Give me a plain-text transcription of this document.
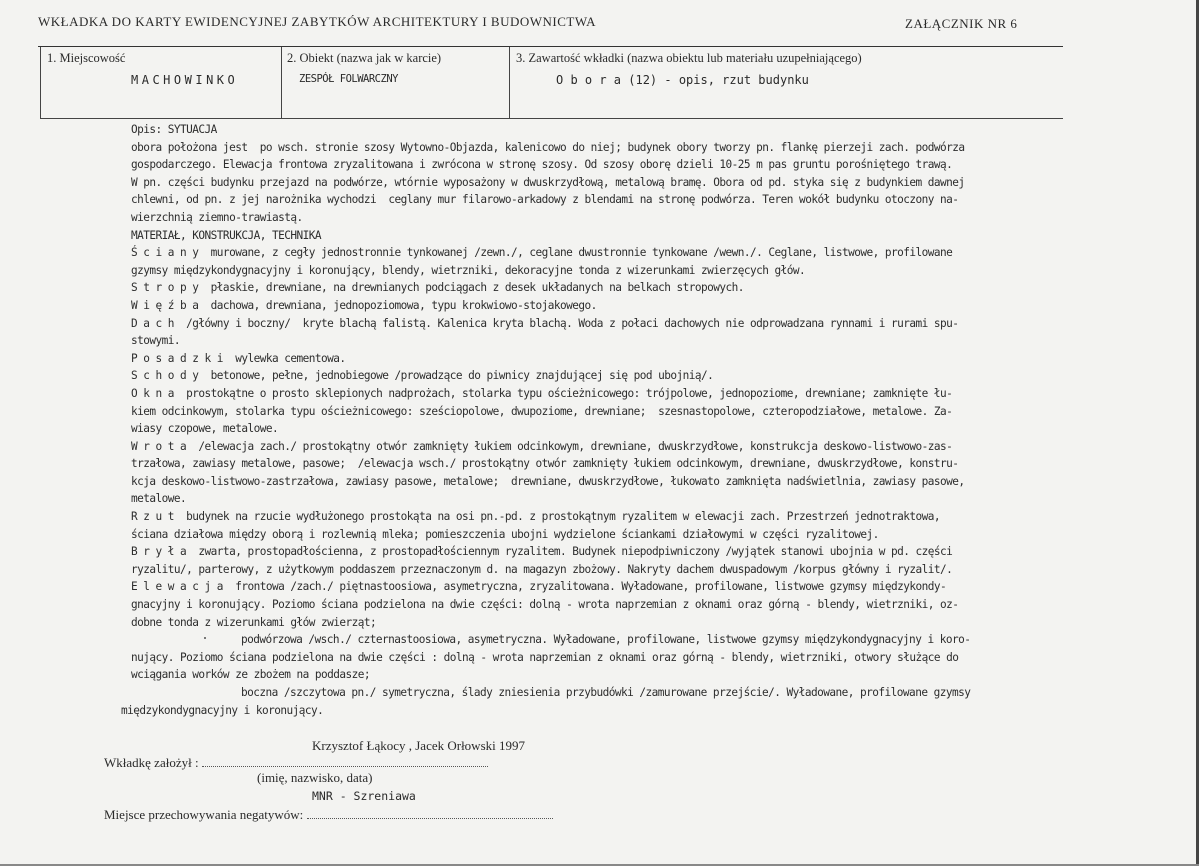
WKŁADKA DO KARTY EWIDENCYJNEJ ZABYTKÓW ARCHITEKTURY I BUDOWNICTWA	ZAŁĄCZNIK NR 6
1. Miejscowość
MACHOWINKO
2. Obiekt (nazwa jak w karcie)
ZESPÓŁ FOLWARCZNY
3. Zawartość wkładki (nazwa obiektu lub materiału uzupełniającego)
O b o r a (12) - opis, rzut budynku
Opis: SYTUACJA
obora położona jest  po wsch. stronie szosy Wytowno-Objazda, kalenicowo do niej; budynek obory tworzy pn. flankę pierzeji zach. podwórza
gospodarczego. Elewacja frontowa zryzalitowana i zwrócona w stronę szosy. Od szosy oborę dzieli 10-25 m pas gruntu porośniętego trawą.
W pn. części budynku przejazd na podwórze, wtórnie wyposażony w dwuskrzydłową, metalową bramę. Obora od pd. styka się z budynkiem dawnej
chlewni, od pn. z jej narożnika wychodzi  ceglany mur filarowo-arkadowy z blendami na stronę podwórza. Teren wokół budynku otoczony na-
wierzchnią ziemno-trawiastą.
MATERIAŁ, KONSTRUKCJA, TECHNIKA
Ś c i a n y  murowane, z cegły jednostronnie tynkowanej /zewn./, ceglane dwustronnie tynkowane /wewn./. Ceglane, listwowe, profilowane
gzymsy międzykondygnacyjny i koronujący, blendy, wietrzniki, dekoracyjne tonda z wizerunkami zwierzęcych głów.
S t r o p y  płaskie, drewniane, na drewnianych podciągach z desek układanych na belkach stropowych.
W i ę ź b a  dachowa, drewniana, jednopoziomowa, typu krokwiowo-stojakowego.
D a c h  /główny i boczny/  kryte blachą falistą. Kalenica kryta blachą. Woda z połaci dachowych nie odprowadzana rynnami i rurami spu-
stowymi.
P o s a d z k i  wylewka cementowa.
S c h o d y  betonowe, pełne, jednobiegowe /prowadzące do piwnicy znajdującej się pod ubojnią/.
O k n a  prostokątne o prosto sklepionych nadprożach, stolarka typu ościeżnicowego: trójpolowe, jednopoziome, drewniane; zamknięte łu-
kiem odcinkowym, stolarka typu ościeżnicowego: sześciopolowe, dwupoziome, drewniane;  szesnastopolowe, czteropodziałowe, metalowe. Za-
wiasy czopowe, metalowe.
W r o t a  /elewacja zach./ prostokątny otwór zamknięty łukiem odcinkowym, drewniane, dwuskrzydłowe, konstrukcja deskowo-listwowo-zas-
trzałowa, zawiasy metalowe, pasowe;  /elewacja wsch./ prostokątny otwór zamknięty łukiem odcinkowym, drewniane, dwuskrzydłowe, konstru-
kcja deskowo-listwowo-zastrzałowa, zawiasy pasowe, metalowe;  drewniane, dwuskrzydłowe, łukowato zamknięta nadświetlnia, zawiasy pasowe,
metalowe.
R z u t  budynek na rzucie wydłużonego prostokąta na osi pn.-pd. z prostokątnym ryzalitem w elewacji zach. Przestrzeń jednotraktowa,
ściana działowa między oborą i rozlewnią mleka; pomieszczenia ubojni wydzielone ściankami działowymi w części ryzalitowej.
B r y ł a  zwarta, prostopadłościenna, z prostopadłościennym ryzalitem. Budynek niepodpiwniczony /wyjątek stanowi ubojnia w pd. części
ryzalitu/, parterowy, z użytkowym poddaszem przeznaczonym d. na magazyn zbożowy. Nakryty dachem dwuspadowym /korpus główny i ryzalit/.
E l e w a c j a  frontowa /zach./ piętnastoosiowa, asymetryczna, zryzalitowana. Wyładowane, profilowane, listwowe gzymsy międzykondy-
gnacyjny i koronujący. Poziomo ściana podzielona na dwie części: dolną - wrota naprzemian z oknami oraz górną - blendy, wietrzniki, oz-
dobne tonda z wizerunkami głów zwierząt;
podwórzowa /wsch./ czternastoosiowa, asymetryczna. Wyładowane, profilowane, listwowe gzymsy międzykondygnacyjny i koro-
nujący. Poziomo ściana podzielona na dwie części : dolną - wrota naprzemian z oknami oraz górną - blendy, wietrzniki, otwory służące do
wciągania worków ze zbożem na poddasze;
boczna /szczytowa pn./ symetryczna, ślady zniesienia przybudówki /zamurowane przejście/. Wyładowane, profilowane gzymsy
międzykondygnacyjny i koronujący.
Krzysztof Łąkocy , Jacek Orłowski 1997
Wkładkę założył :
(imię, nazwisko, data)
MNR - Szreniawa
Miejsce przechowywania negatywów:
